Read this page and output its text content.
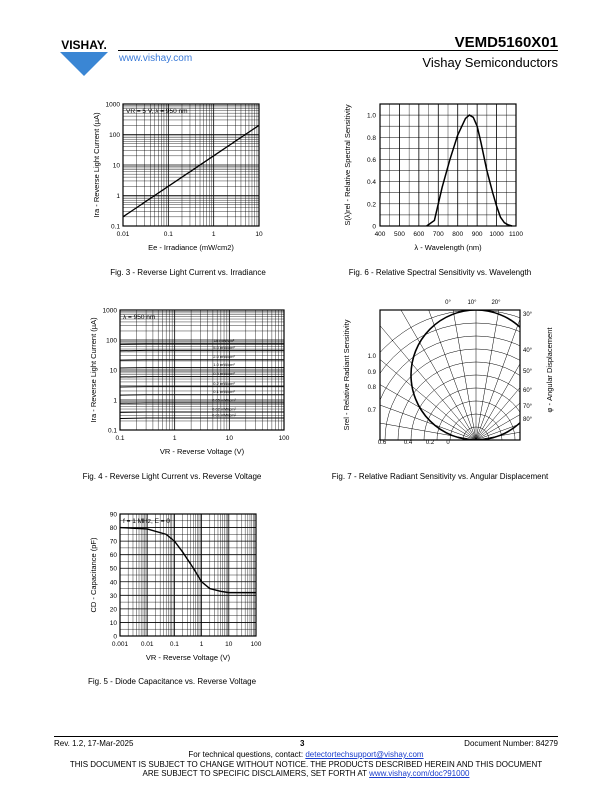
VISHAY.	VEMD5160X01
Vishay Semiconductors
www.vishay.com
0.01	0.1	1	10
0.1
1
10
100
1000
Ee - Irradiance (mW/cm2)
Ira - Reverse Light Current (µA)
VR = 5 V, λ = 950 nm
400 500 600 700 800 900 1000 1100
0
0.2
0.4
0.6
0.8
1.0
λ - Wavelength (nm)
S(λ)rel - Relative Spectral Sensitivity
0.1	1	10	100
0.1
1
10
100
1000
VR - Reverse Voltage (V)
Ira - Reverse Light Current (µA)	λ = 950 nm
10 mW/cm²
5.0 mW/cm²
2.0 mW/cm²
1.0 mW/cm²
0.5 mW/cm²
0.2 mW/cm²
0.1 mW/cm²
0.05 mW/cm²
0.02 mW/cm²
0.01 mW/cm²
0°	10° 20°
30°
40°
50°
60°
70°
80°
1.0
0.9
0.8
0.7
0.6	0.4 0.2 0
Srel - Relative Radiant Sensitivity	φ - Angular Displacement
0.001 0.01	0.1	1	10	100
0
10
20
30
40
50
60
70
80
90
VR - Reverse Voltage (V)
CD - Capacitance (pF)
f = 1 MHz, E = 0
Fig. 3 - Reverse Light Current vs. Irradiance	Fig. 6 - Relative Spectral Sensitivity vs. Wavelength
Fig. 4 - Reverse Light Current vs. Reverse Voltage	Fig. 7 - Relative Radiant Sensitivity vs. Angular Displacement
Fig. 5 - Diode Capacitance vs. Reverse Voltage
Rev. 1.2, 17-Mar-2025	3	Document Number: 84279
For technical questions, contact: detectortechsupport@vishay.com
THIS DOCUMENT IS SUBJECT TO CHANGE WITHOUT NOTICE. THE PRODUCTS DESCRIBED HEREIN AND THIS DOCUMENT
ARE SUBJECT TO SPECIFIC DISCLAIMERS, SET FORTH AT www.vishay.com/doc?91000
